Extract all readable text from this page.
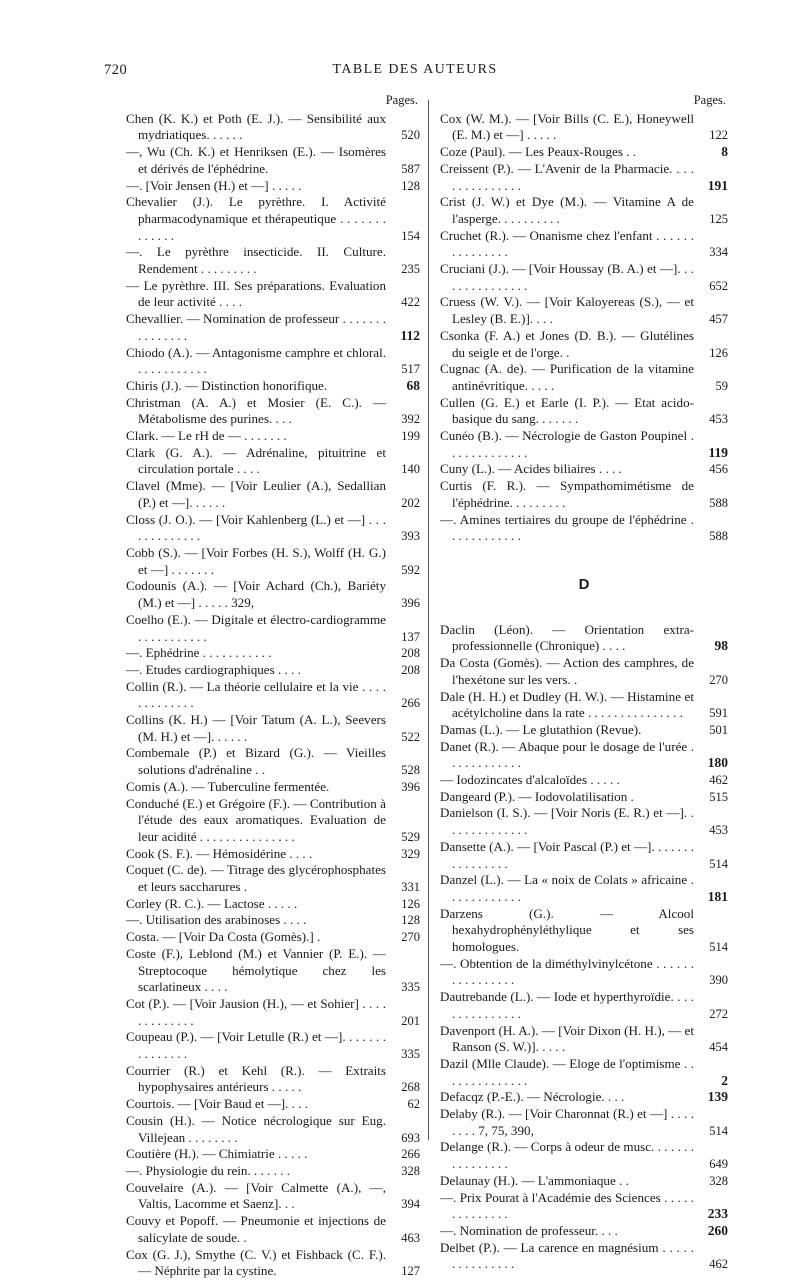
720	TABLE DES AUTEURS
Pages.

Chen (K. K.) et Poth (E. J.). — Sensibilité aux mydriatiques. . . . . .	520

—, Wu (Ch. K.) et Henriksen (E.). — Isomères et dérivés de l'éphédrine.	587

—. [Voir Jensen (H.) et —] . . . . .	128

Chevalier (J.). Le pyrèthre. I. Activité pharmacodynamique et thérapeutique . . . . . . . . . . . . .	154

—. Le pyrèthre insecticide. II. Culture. Rendement . . . . . . . . .	235

— Le pyrèthre. III. Ses préparations. Evaluation de leur activité . . . .	422

Chevallier. — Nomination de professeur . . . . . . . . . . . . . . .	112

Chiodo (A.). — Antagonisme camphre et chloral. . . . . . . . . . . .	517

Chiris (J.). — Distinction honorifique.	68

Christman (A. A.) et Mosier (E. C.). — Métabolisme des purines. . . .	392

Clark. — Le rH de — . . . . . . .	199

Clark (G. A.). — Adrénaline, pituitrine et circulation portale . . . .	140

Clavel (Mme). — [Voir Leulier (A.), Sedallian (P.) et —]. . . . . .	202

Closs (J. O.). — [Voir Kahlenberg (L.) et —] . . . . . . . . . . . . .	393

Cobb (S.). — [Voir Forbes (H. S.), Wolff (H. G.) et —] . . . . . . .	592

Codounis (A.). — [Voir Achard (Ch.), Bariéty (M.) et —] . . . . . 329,	396

Coelho (E.). — Digitale et électro-cardiogramme . . . . . . . . . . .	137

—. Ephédrine . . . . . . . . . . .	208

—. Etudes cardiographiques . . . .	208

Collin (R.). — La théorie cellulaire et la vie . . . . . . . . . . . . .	266

Collins (K. H.) — [Voir Tatum (A. L.), Seevers (M. H.) et —]. . . . . .	522

Combemale (P.) et Bizard (G.). — Vieilles solutions d'adrénaline . .	528

Comis (A.). — Tuberculine fermentée.	396

Conduché (E.) et Grégoire (F.). — Contribution à l'étude des eaux aromatiques. Evaluation de leur acidité . . . . . . . . . . . . . . .	529

Cook (S. F.). — Hémosidérine . . . .	329

Coquet (C. de). — Titrage des glycérophosphates et leurs saccharures .	331

Corley (R. C.). — Lactose . . . . .	126

—. Utilisation des arabinoses . . . .	128

Costa. — [Voir Da Costa (Gomès).] .	270

Coste (F.), Leblond (M.) et Vannier (P. E.). — Streptocoque hémolytique chez les scarlatineux . . . .	335

Cot (P.). — [Voir Jausion (H.), — et Sohier] . . . . . . . . . . . . .	201

Coupeau (P.). — [Voir Letulle (R.) et —]. . . . . . . . . . . . . . .	335

Courrier (R.) et Kehl (R.). — Extraits hypophysaires antérieurs . . . . .	268

Courtois. — [Voir Baud et —]. . . .	62

Cousin (H.). — Notice nécrologique sur Eug. Villejean . . . . . . . .	693

Coutière (H.). — Chimiatrie . . . . .	266

—. Physiologie du rein. . . . . . .	328

Couvelaire (A.). — [Voir Calmette (A.), —, Valtis, Lacomme et Saenz]. . .	394

Couvy et Popoff. — Pneumonie et injections de salicylate de soude. .	463

Cox (G. J.), Smythe (C. V.) et Fishback (C. F.). — Néphrite par la cystine.	127

Pages.

Cox (W. M.). — [Voir Bills (C. E.), Honeywell (E. M.) et —] . . . . .	122

Coze (Paul). — Les Peaux-Rouges . .	8

Creissent (P.). — L'Avenir de la Pharmacie. . . . . . . . . . . . . . .	191

Crist (J. W.) et Dye (M.). — Vitamine A de l'asperge. . . . . . . . . .	125

Cruchet (R.). — Onanisme chez l'enfant . . . . . . . . . . . . . . .	334

Cruciani (J.). — [Voir Houssay (B. A.) et —]. . . . . . . . . . . . . . .	652

Cruess (W. V.). — [Voir Kaloyereas (S.), — et Lesley (B. E.)]. . . .	457

Csonka (F. A.) et Jones (D. B.). — Glutélines du seigle et de l'orge. .	126

Cugnac (A. de). — Purification de la vitamine antinévritique. . . . .	59

Cullen (G. E.) et Earle (I. P.). — Etat acido-basique du sang. . . . . . .	453

Cunéo (B.). — Nécrologie de Gaston Poupinel . . . . . . . . . . . . .	119

Cuny (L.). — Acides biliaires . . . .	456

Curtis (F. R.). — Sympathomimétisme de l'éphédrine. . . . . . . . .	588

—. Amines tertiaires du groupe de l'éphédrine . . . . . . . . . . . .	588

D

Daclin (Léon). — Orientation extra-professionnelle (Chronique) . . . .	98

Da Costa (Gomès). — Action des camphres, de l'hexétone sur les vers. .	270

Dale (H. H.) et Dudley (H. W.). — Histamine et acétylcholine dans la rate . . . . . . . . . . . . . . . 591

Damas (L.). — Le glutathion (Revue).	501

Danet (R.). — Abaque pour le dosage de l'urée . . . . . . . . . . . .	180

— Iodozincates d'alcaloïdes . . . . .	462

Dangeard (P.). — Iodovolatilisation .	515

Danielson (I. S.). — [Voir Noris (E. R.) et —]. . . . . . . . . . . . . .	453

Dansette (A.). — [Voir Pascal (P.) et —]. . . . . . . . . . . . . . . .	514

Danzel (L.). — La « noix de Colats » africaine . . . . . . . . . . . .	181

Darzens (G.). — Alcool hexahydrophényléthylique et ses homologues.	514

—. Obtention de la diméthylvinylcétone . . . . . . . . . . . . . . . .	390

Dautrebande (L.). — Iode et hyperthyroïdie. . . . . . . . . . . . . . .	272

Davenport (H. A.). — [Voir Dixon (H. H.), — et Ranson (S. W.)]. . . . .	454

Dazil (Mlle Claude). — Eloge de l'optimisme . . . . . . . . . . . . . .	2

Defacqz (P.-E.). — Nécrologie. . . .	139

Delaby (R.). — [Voir Charonnat (R.) et —] . . . . . . . . 7, 75, 390,	514

Delange (R.). — Corps à odeur de musc. . . . . . . . . . . . . . . .	649

Delaunay (H.). — L'ammoniaque . .	328

—. Prix Pourat à l'Académie des Sciences . . . . . . . . . . . . . .	233

—. Nomination de professeur. . . .	260

Delbet (P.). — La carence en magnésium . . . . . . . . . . . . . . .	462
